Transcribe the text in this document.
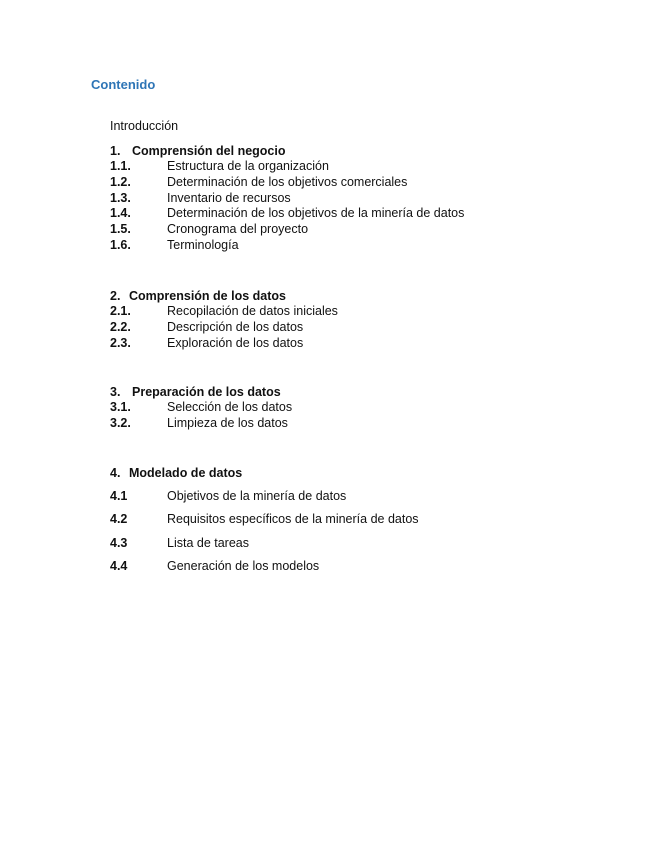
Contenido

Introducción

1. Comprensión del negocio
1.1.	Estructura de la organización
1.2.	Determinación de los objetivos comerciales
1.3.	Inventario de recursos
1.4.	Determinación de los objetivos de la minería de datos
1.5.	Cronograma del proyecto
1.6.	Terminología
2. Comprensión de los datos
2.1.	Recopilación de datos iniciales
2.2.	Descripción de los datos
2.3.	Exploración de los datos
3. Preparación de los datos
3.1.	Selección de los datos
3.2.	Limpieza de los datos
4. Modelado de datos
4.1	Objetivos de la minería de datos
4.2	Requisitos específicos de la minería de datos
4.3	Lista de tareas
4.4	Generación de los modelos
